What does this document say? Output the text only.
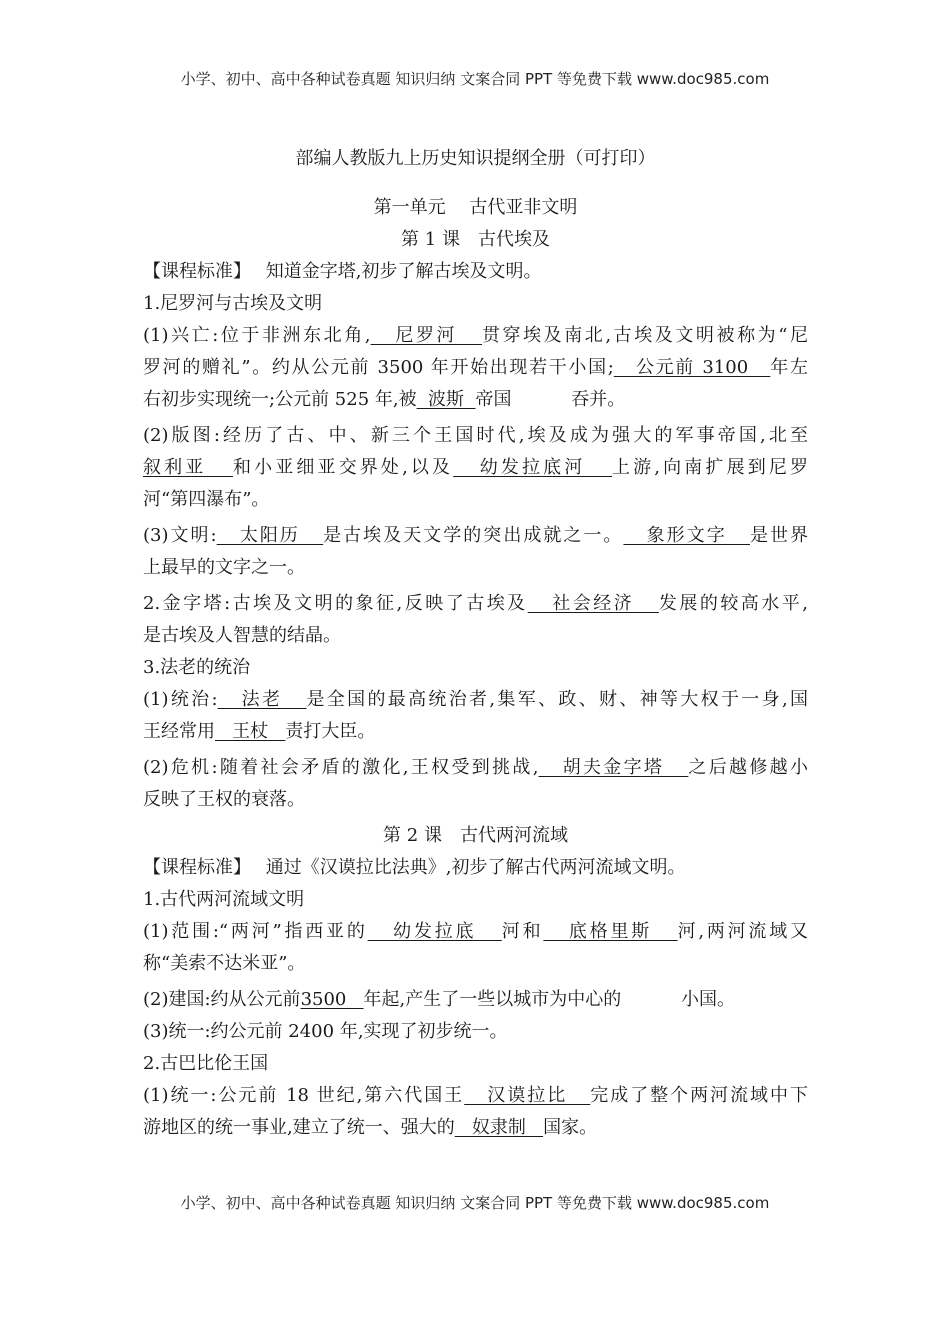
小学、初中、高中各种试卷真题 知识归纳 文案合同 PPT 等免费下载 www.doc985.com
部编人教版九上历史知识提纲全册（可打印）
第一单元　 古代亚非文明
第 1 课　古代埃及
【课程标准】　 知道金字塔,初步了解古埃及文明。
1.尼罗河与古埃及文明
(1)兴亡:位于非洲东北角,   尼罗河   贯穿埃及南北,古埃及文明被称为“尼
罗河的赠礼”。约从公元前 3500 年开始出现若干小国;   公元前 3100   年左
右初步实现统一;公元前 525 年,被  波斯  帝国　　　 吞并。
(2)版图:经历了古、中、新三个王国时代,埃及成为强大的军事帝国,北至
叙利亚   和小亚细亚交界处,以及   幼发拉底河   上游,向南扩展到尼罗
河“第四瀑布”。
(3)文明:   太阳历   是古埃及天文学的突出成就之一。   象形文字   是世界
上最早的文字之一。
2.金字塔:古埃及文明的象征,反映了古埃及   社会经济   发展的较高水平,
是古埃及人智慧的结晶。
3.法老的统治
(1)统治:   法老   是全国的最高统治者,集军、政、财、神等大权于一身,国
王经常用   王杖   责打大臣。
(2)危机:随着社会矛盾的激化,王权受到挑战,   胡夫金字塔   之后越修越小
反映了王权的衰落。
第 2 课　古代两河流域
【课程标准】　 通过《汉谟拉比法典》,初步了解古代两河流域文明。
1.古代两河流域文明
(1)范围:“两河”指西亚的   幼发拉底   河和   底格里斯   河,两河流域又
称“美索不达米亚”。
(2)建国:约从公元前3500   年起,产生了一些以城市为中心的　　　 小国。
(3)统一:约公元前 2400 年,实现了初步统一。
2.古巴比伦王国
(1)统一:公元前 18 世纪,第六代国王   汉谟拉比   完成了整个两河流域中下
游地区的统一事业,建立了统一、强大的   奴隶制   国家。
小学、初中、高中各种试卷真题 知识归纳 文案合同 PPT 等免费下载 www.doc985.com
